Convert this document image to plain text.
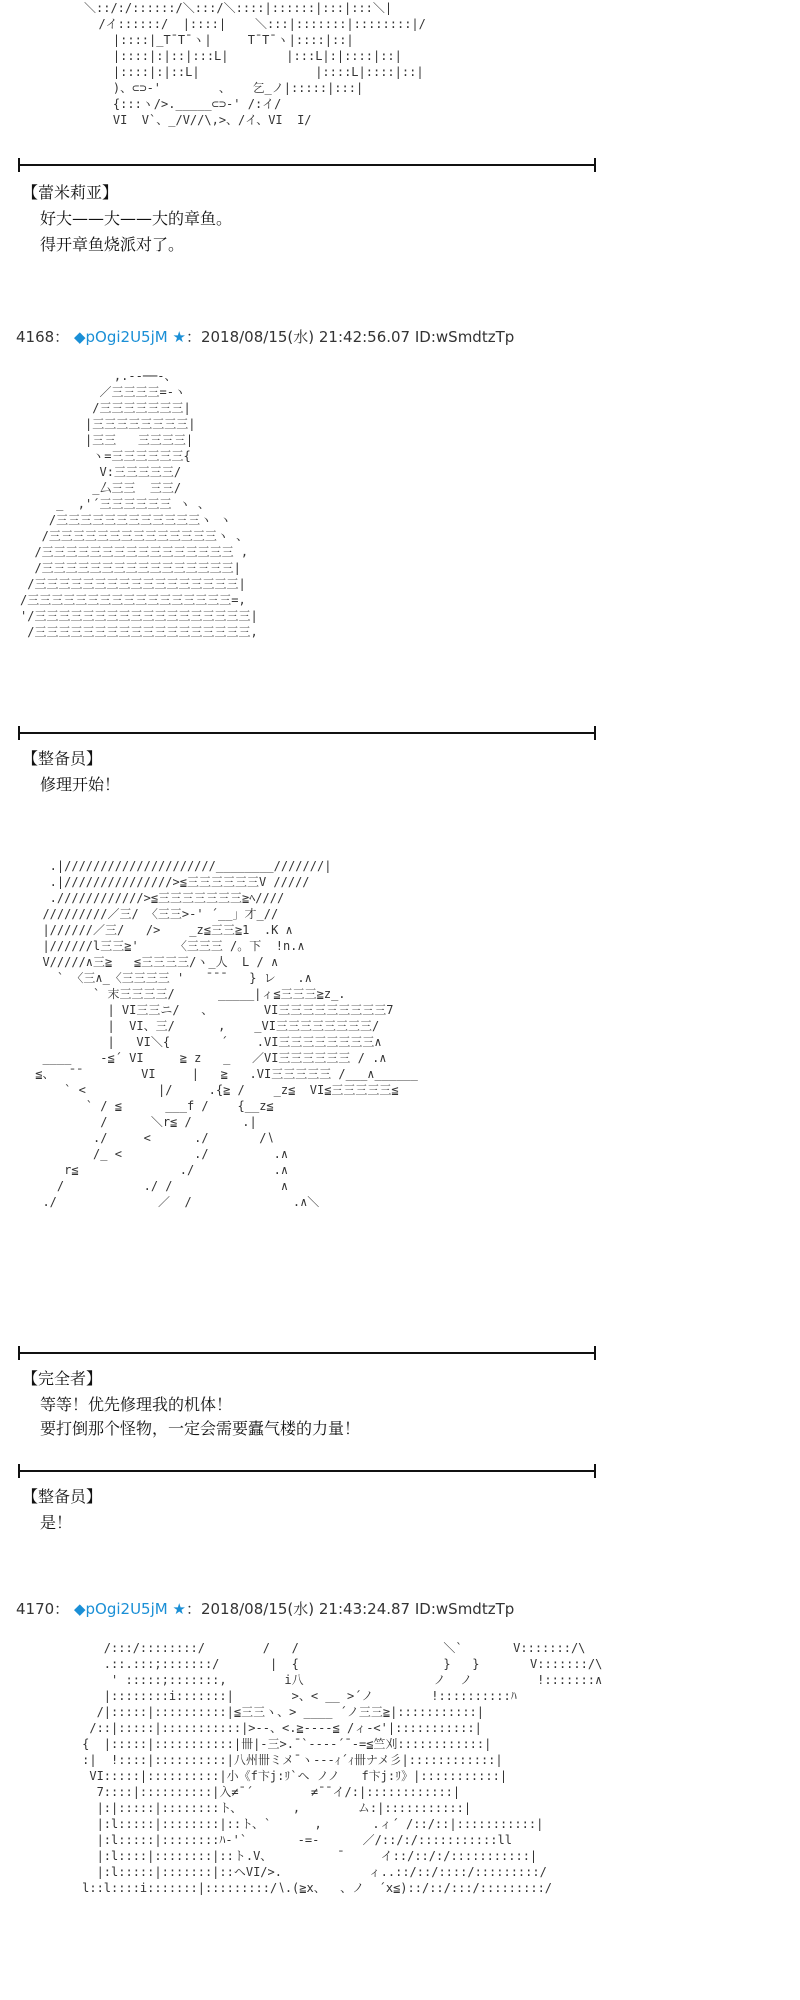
＼::/:/::::::/＼:::/＼::::|::::::|:::|:::＼|
/イ::::::/  |::::|    ＼:::|:::::::|::::::::|/
|::::|_T¯T¯ヽ|     T¯T¯ヽ|::::|::|
|::::|:|::|:::L|        |:::L|:|::::|::|
|::::|:|::L|                |::::L|::::|::|
)、⊂⊃-'        、   乞_ノ|:::::|:::|
{:::ヽ/>._____⊂⊃-' /:イ/
VI  V`、_/V//\,>、/イ、VI  I/
【蕾米莉亚】
好大——大——大的章鱼。
得开章鱼烧派对了。
4168： ◆pOgi2U5jM ★：2018/08/15(水) 21:42:56.07 ID:wSmdtzTp
,.-‐──-、
／三三三三=-ヽ
/三三三三三三三|
|三三三三三三三三|
|三三   三三三三|
ヽ=三三三三三三{
V:三三三三三/
_厶三三  三三/
_  ,'´三三三三三三 ヽ 、
/三三三三三三三三三三三三ヽ ヽ
/三三三三三三三三三三三三三三ヽ 、
/三三三三三三三三三三三三三三三三 ,
/三三三三三三三三三三三三三三三三|
/三三三三三三三三三三三三三三三三三|
/三三三三三三三三三三三三三三三三三=,
'/三三三三三三三三三三三三三三三三三三|
/三三三三三三三三三三三三三三三三三三,
【整备员】
修理开始！
.|/////////////////////________///////|
.|///////////////>≦三三三三三三V /////
.////////////>≦三三三三三三三≧ﾍ////
/////////／三/ 〈三三>‐' ´__」才_//
|//////／三/   />    _z≦三三≧1  .K ∧
|//////l三三≧'     〈三三三 /。下  !n.∧
V/////∧三≧   ≦三三三三/ヽ_人  L / ∧
` 〈三∧_〈三三三三 '   ¯¯¯   } レ   .∧
` 末三三三三/      _____|ィ≦三三三≧z_.
| VI三三ニ/   、       VI三三三三三三三三三7
|  VI、三/      ,    _VI三三三三三三三三/
|   VI＼{       ´    .VI三三三三三三三三∧
____    ‐≦´ VI     ≧ z   _   ／VI三三三三三三 / .∧
≦、  ¯¯        VI     |   ≧   .VI三三三三三 /___∧______
` <          |/     .{≧ /    _z≦  VI≦三三三三三≦
` / ≦      ___f /    {__z≦
/      ＼r≦ /       .|
./     <      ./       /∖
/_ <          ./         .∧
r≦              ./           .∧
/           ./ /               ∧
./              ／  /              .∧＼
【完全者】
等等！优先修理我的机体！
要打倒那个怪物，一定会需要蠹气楼的力量！
【整备员】
是！
4170： ◆pOgi2U5jM ★：2018/08/15(水) 21:43:24.87 ID:wSmdtzTp
/:::/::::::::/        /   /                    ＼`       V:::::::/\
.::.:::;:::::::/       |  {                    }   }       V:::::::/\
' :::::;:::::::,        i八                  ノ  ノ         !:::::::∧
|::::::::i:::::::|        >、< __ >´ノ        !::::::::::ﾊ
/|:::::|::::::::::|≦三三ヽ、> ____ ´ノ三三≧|:::::::::::|
/::|:::::|:::::::::::|>‐‐、<.≧‐‐‐‐≦ /ィ‐<'|:::::::::::|
{  |:::::|:::::::::::|卌|‐三>.¯`‐‐‐-´¯‐=≦竺刈::::::::::::|
:|  !::::|::::::::::|八州卌ミメ¯ヽ‐‐‐ｨ´ｨ卌ナメ彡|::::::::::::|
VI:::::|::::::::::|小《f卞j:ﾘ`ヘ ノノ   f卞j:ﾘ》|:::::::::::|
7::::|::::::::::|入≠¯´        ≠¯¯イ/:|::::::::::::|
|:|:::::|::::::::ト、       ,        ム:|:::::::::::|
|:l:::::|::::::::|::ト、`      ,       .ィ´ /::/::|:::::::::::|
|:l:::::|::::::::ﾊ‐'`       ‐=‐      ／/::/:/:::::::::::ll
|:l::::|::::::::|::ト.V、         ¯     イ::/::/:/:::::::::::|
|:l:::::|:::::::|::ヘVI/>.            ィ..::/::/::::/:::::::::/
l::l::::i:::::::|:::::::::/∖.(≧x、  、ノ  ´x≦)::/::/:::/:::::::::/
